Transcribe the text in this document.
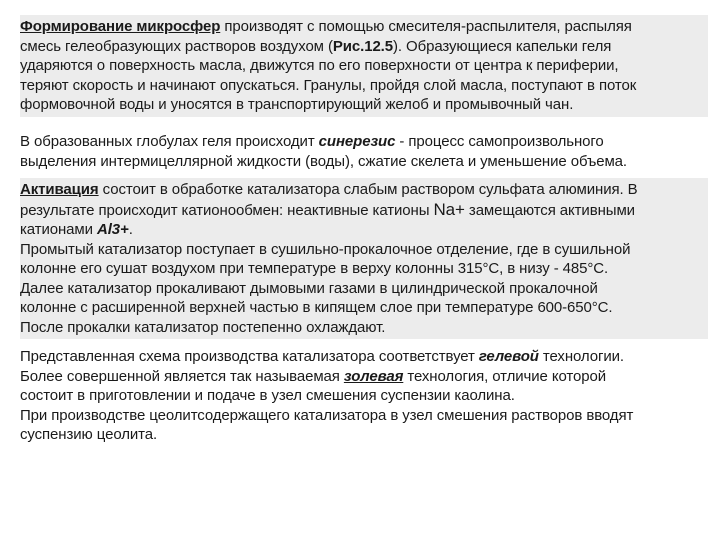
Формирование микросфер производят с помощью смесителя-распылителя, распыляя
смесь гелеобразующих растворов воздухом (Рис.12.5). Образующиеся капельки геля
ударяются о поверхность масла, движутся по его поверхности от центра к периферии,
теряют скорость и начинают опускаться. Гранулы, пройдя слой масла, поступают в поток
формовочной воды и уносятся в транспортирующий желоб и промывочный чан.
В образованных глобулах геля происходит синерезис - процесс самопроизвольного
выделения интермицеллярной жидкости (воды), сжатие скелета и уменьшение объема.
Активация состоит в обработке катализатора слабым раствором сульфата алюминия. В
результате происходит катионообмен: неактивные катионы Na+ замещаются активными
катионами Al3+.
Промытый катализатор поступает в сушильно-прокалочное отделение, где в сушильной
колонне его сушат воздухом при температуре в верху колонны 315°С, в низу - 485°С.
Далее катализатор прокаливают дымовыми газами в цилиндрической прокалочной
колонне с расширенной верхней частью в кипящем слое при температуре 600-650°С.
После прокалки катализатор постепенно охлаждают.
Представленная схема производства катализатора соответствует гелевой технологии.
Более совершенной является так называемая золевая технология, отличие которой
состоит в приготовлении и подаче в узел смешения суспензии каолина.
При производстве цеолитсодержащего катализатора в узел смешения растворов вводят
суспензию цеолита.
